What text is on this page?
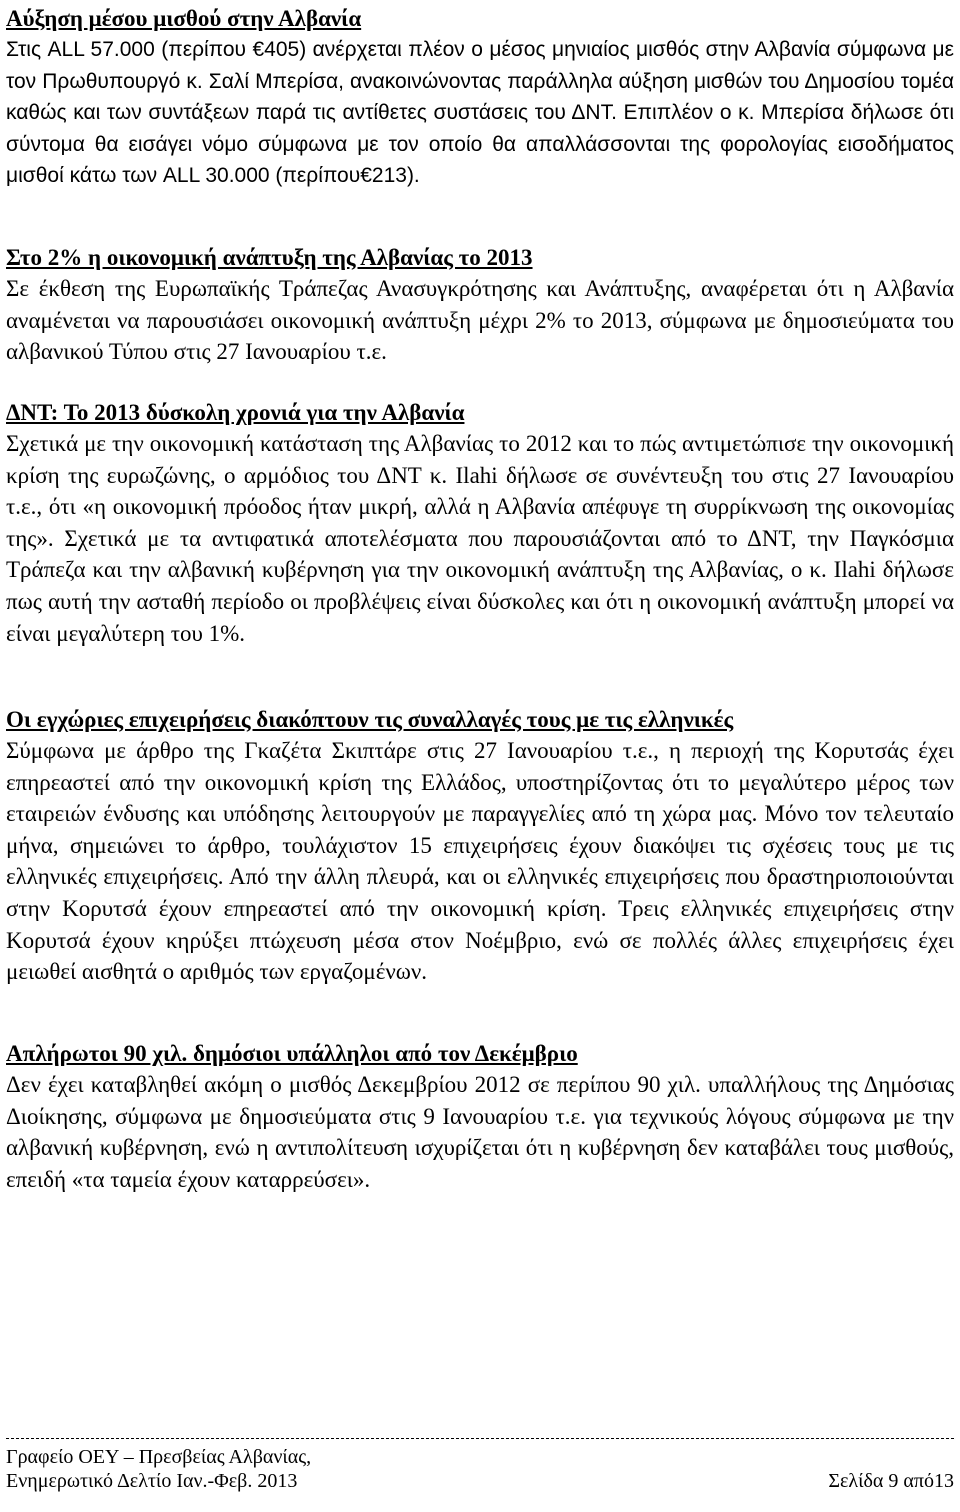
Αύξηση μέσου μισθού στην Αλβανία

Στις ALL 57.000 (περίπου €405) ανέρχεται πλέον ο μέσος μηνιαίος μισθός στην Αλβανία σύμφωνα με τον Πρωθυπουργό κ. Σαλί Μπερίσα, ανακοινώνοντας παράλληλα αύξηση μισθών του Δημοσίου τομέα καθώς και των συντάξεων παρά τις αντίθετες συστάσεις του ΔΝΤ. Επιπλέον ο κ. Μπερίσα δήλωσε ότι σύντομα θα εισάγει νόμο σύμφωνα με τον οποίο θα απαλλάσσονται της φορολογίας εισοδήματος μισθοί κάτω των ALL 30.000 (περίπου€213).

Στο 2% η οικονομική ανάπτυξη της Αλβανίας το 2013

Σε έκθεση της Ευρωπαϊκής Τράπεζας Ανασυγκρότησης και Ανάπτυξης, αναφέρεται ότι η Αλβανία αναμένεται να παρουσιάσει οικονομική ανάπτυξη μέχρι 2% το 2013, σύμφωνα με δημοσιεύματα του αλβανικού Τύπου στις 27 Ιανουαρίου τ.ε.

ΔΝΤ: Το 2013 δύσκολη χρονιά για την Αλβανία

Σχετικά με την οικονομική κατάσταση της Αλβανίας το 2012 και το πώς αντιμετώπισε την οικονομική κρίση της ευρωζώνης, ο αρμόδιος του ΔΝΤ κ. Ilahi δήλωσε σε συνέντευξη του στις 27 Ιανουαρίου τ.ε., ότι «η οικονομική πρόοδος ήταν μικρή, αλλά η Αλβανία απέφυγε τη συρρίκνωση της οικονομίας της». Σχετικά με τα αντιφατικά αποτελέσματα που παρουσιάζονται από το ΔΝΤ, την Παγκόσμια Τράπεζα και την αλβανική κυβέρνηση για την οικονομική ανάπτυξη της Αλβανίας, ο κ. Ilahi δήλωσε πως αυτή την ασταθή περίοδο οι προβλέψεις είναι δύσκολες και ότι η οικονομική ανάπτυξη μπορεί να είναι μεγαλύτερη του 1%.

Οι εγχώριες επιχειρήσεις διακόπτουν τις συναλλαγές τους με τις ελληνικές

Σύμφωνα με άρθρο της Γκαζέτα Σκιπτάρε στις 27 Ιανουαρίου τ.ε., η περιοχή της Κορυτσάς έχει επηρεαστεί από την οικονομική κρίση της Ελλάδος, υποστηρίζοντας ότι το μεγαλύτερο μέρος των εταιρειών ένδυσης και υπόδησης λειτουργούν με παραγγελίες από τη χώρα μας. Μόνο τον τελευταίο μήνα, σημειώνει το άρθρο, τουλάχιστον 15 επιχειρήσεις έχουν διακόψει τις σχέσεις τους με τις ελληνικές επιχειρήσεις. Από την άλλη πλευρά, και οι ελληνικές επιχειρήσεις που δραστηριοποιούνται στην Κορυτσά έχουν επηρεαστεί από την οικονομική κρίση. Τρεις ελληνικές επιχειρήσεις στην Κορυτσά έχουν κηρύξει πτώχευση μέσα στον Νοέμβριο, ενώ σε πολλές άλλες επιχειρήσεις έχει μειωθεί αισθητά ο αριθμός των εργαζομένων.

Απλήρωτοι 90 χιλ. δημόσιοι υπάλληλοι από τον Δεκέμβριο

Δεν έχει καταβληθεί ακόμη ο μισθός Δεκεμβρίου 2012 σε περίπου 90 χιλ. υπαλλήλους της Δημόσιας Διοίκησης, σύμφωνα με δημοσιεύματα στις 9 Ιανουαρίου τ.ε. για τεχνικούς λόγους σύμφωνα με την αλβανική κυβέρνηση, ενώ η αντιπολίτευση ισχυρίζεται ότι η κυβέρνηση δεν καταβάλει τους μισθούς, επειδή «τα ταμεία έχουν καταρρεύσει».

Γραφείο ΟΕΥ – Πρεσβείας Αλβανίας,
Ενημερωτικό Δελτίο Ιαν.-Φεβ. 2013	Σελίδα 9 από13
